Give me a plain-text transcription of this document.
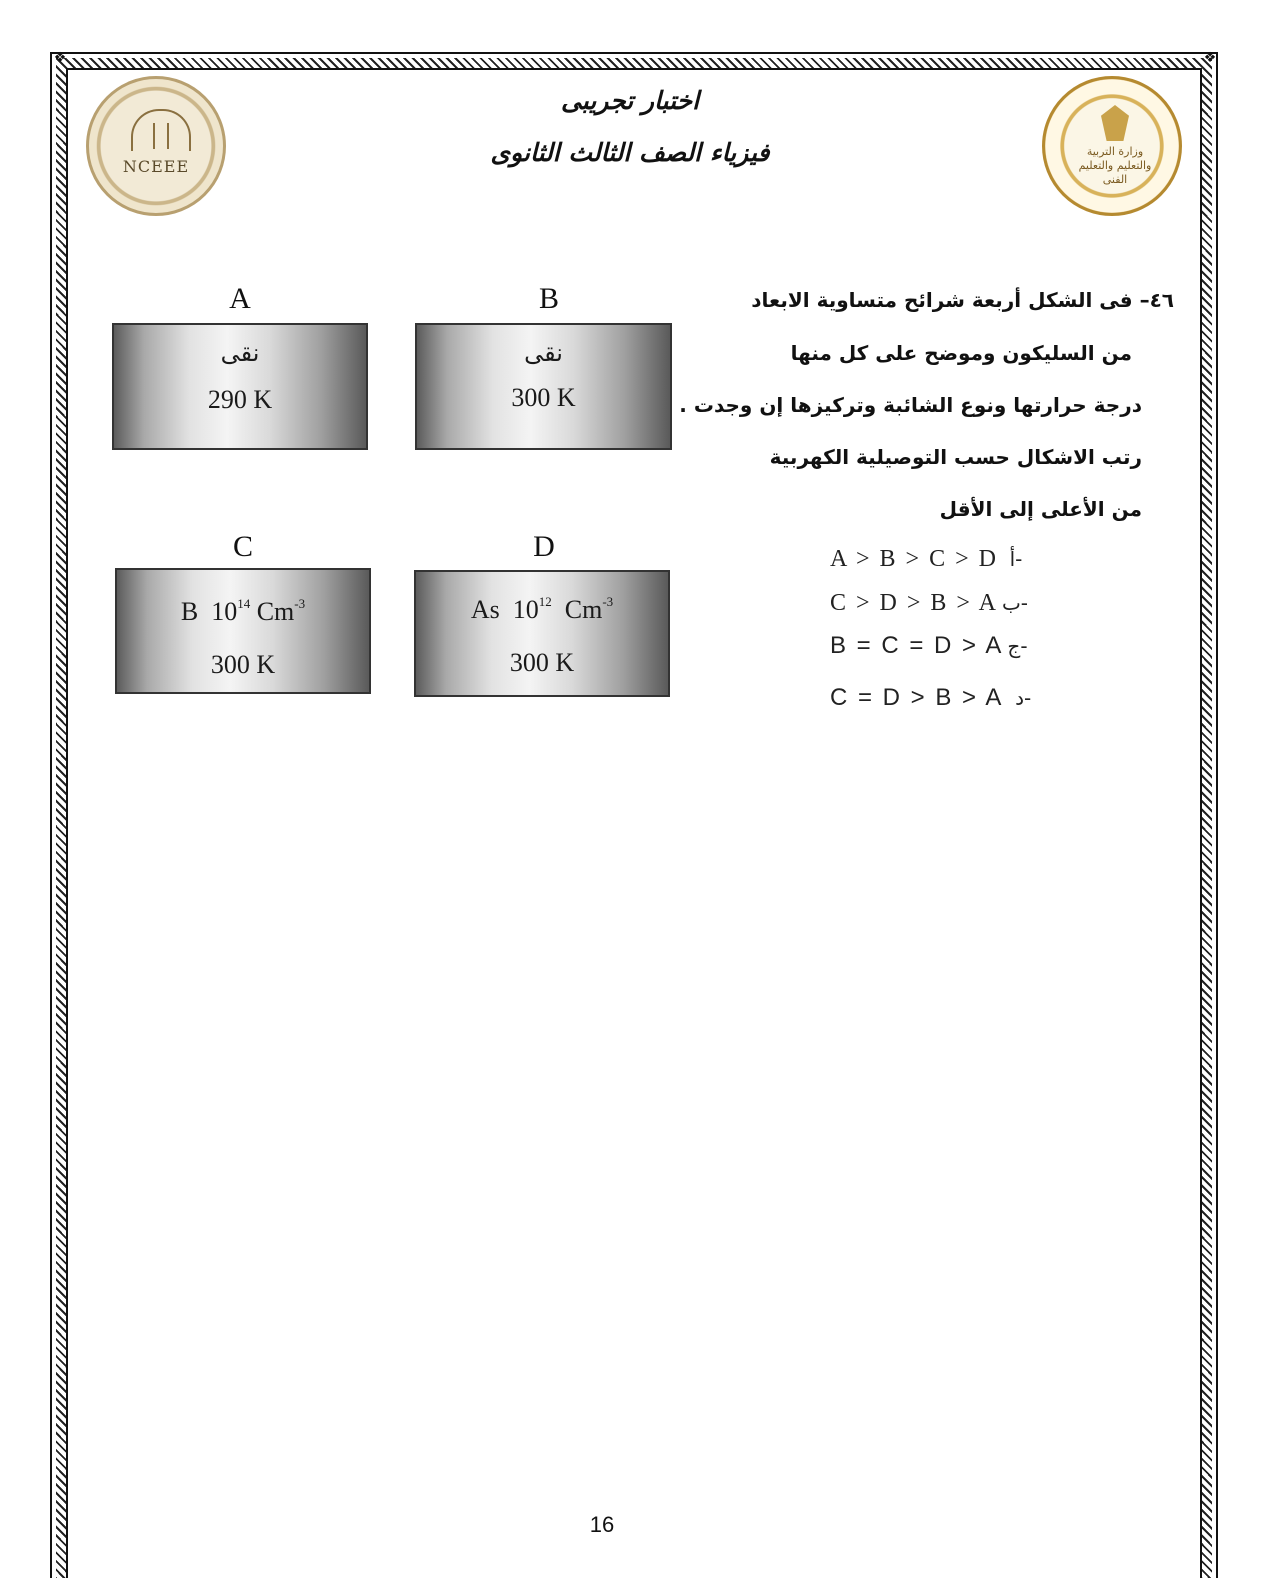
❖	❖
اختبار تجريبى
فيزياء الصف الثالث الثانوى
NCEEE
وزارة التربية والتعليم والتعليم الفنى
A
نقى
290 K
B
نقى
300 K
C
B $10^{14}$ $Cm^{-3}$
300 K
D
As $10^{12}$ $Cm^{-3}$
300 K
٤٦– فى الشكل أربعة شرائح متساوية الابعاد
من السليكون وموضح على كل منها
درجة حرارتها ونوع الشائبة وتركيزها إن وجدت .
رتب الاشكال حسب التوصيلية الكهربية
من الأعلى إلى الأقل
A > B > C > D أ-
C > D > B > A ب-
B = C = D > A ج-
C = D > B > A د-
16
